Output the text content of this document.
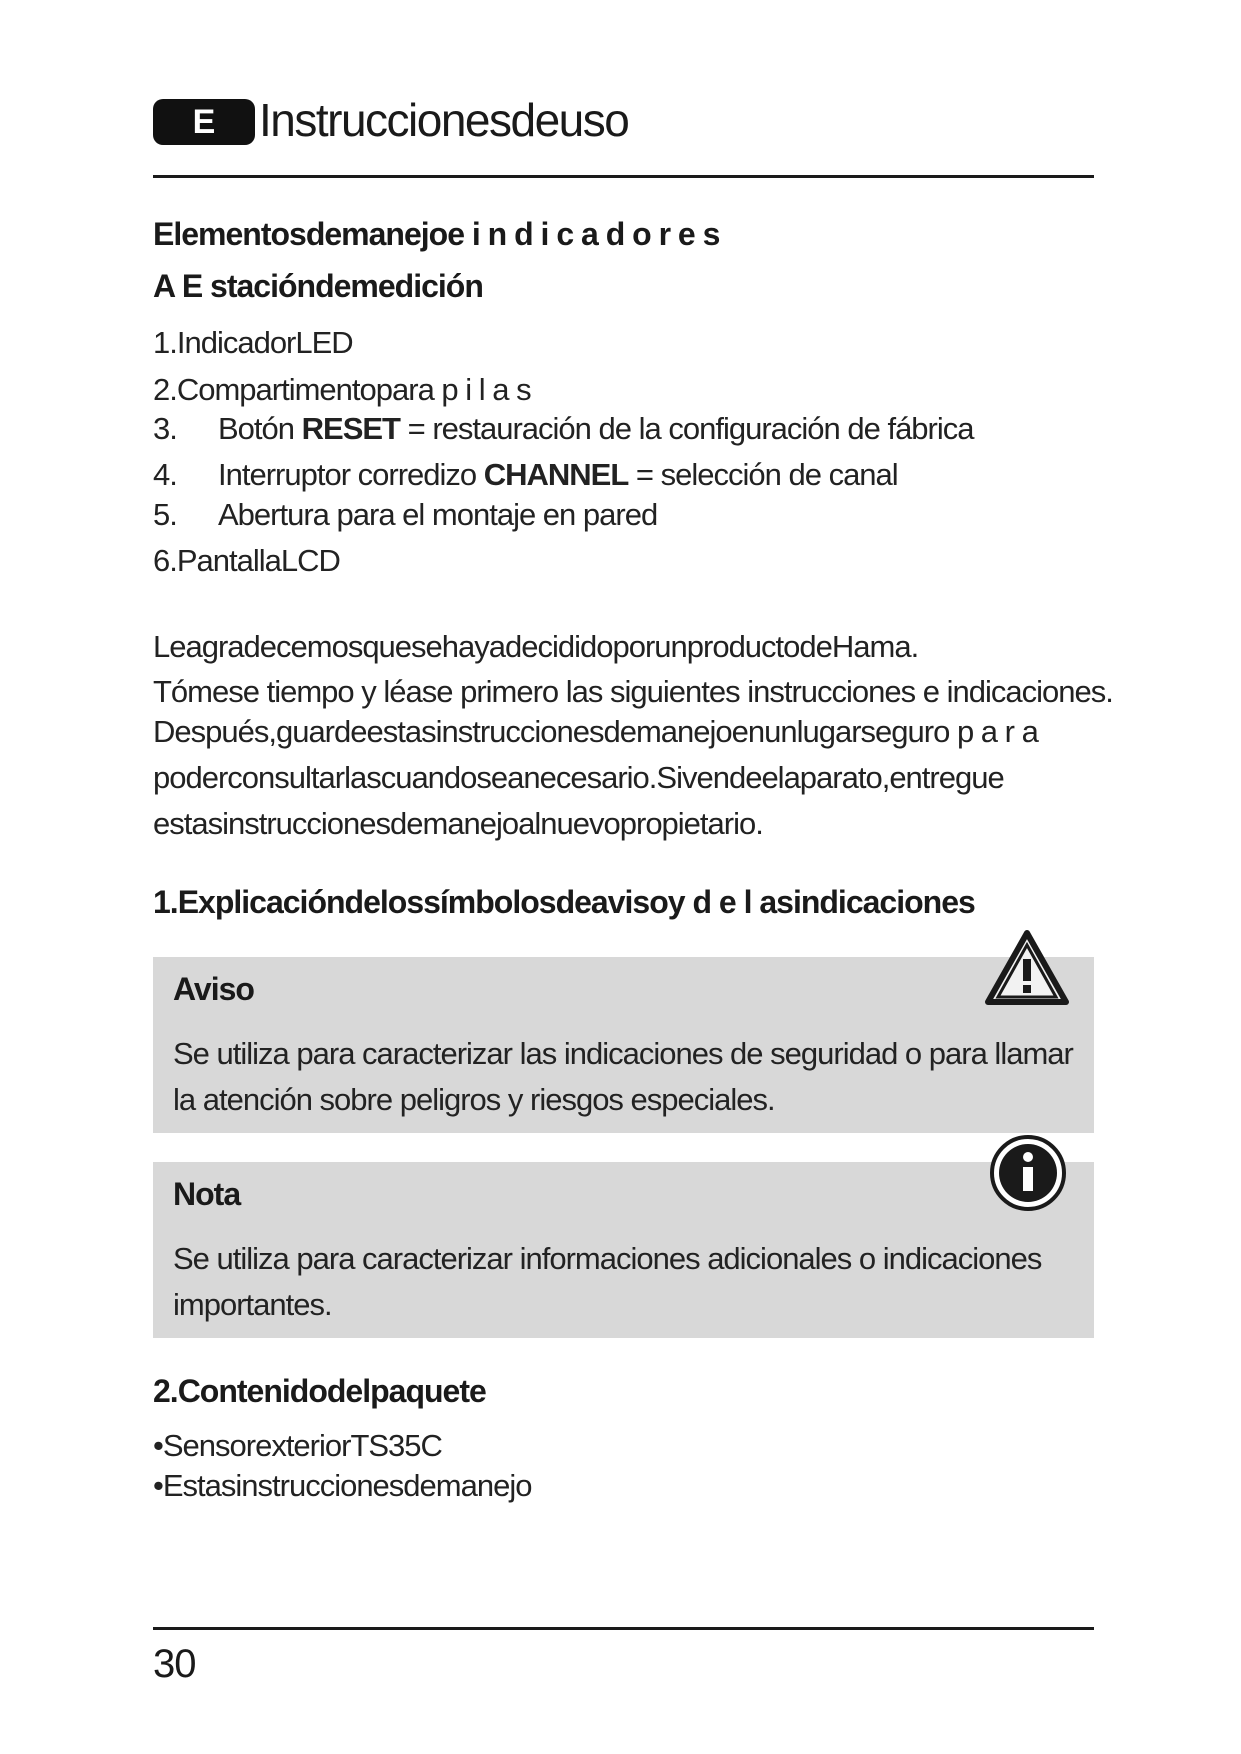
E Instruccionesdeuso
Elementosdemanejoe i n d i c a d o r e s
A E stacióndemedición
1.IndicadorLED
2.Compartimentopara p i l a s
3. Botón RESET = restauración de la configuración de fábrica
4. Interruptor corredizo CHANNEL = selección de canal
5. Abertura para el montaje en pared
6.PantallaLCD
LeagradecemosquesehayadecididoporunproductodeHama.
Tómese tiempo y léase primero las siguientes instrucciones e indicaciones.
Después,guardeestasinstruccionesdemanejoenunlugarseguro p a r a
poderconsultarlascuandoseanecesario.Sivendeelaparato,entregue
estasinstruccionesdemanejoalnuevopropietario.
1.Explicacióndelossímbolosdeavisoy d e l asindicaciones
Aviso
Se utiliza para caracterizar las indicaciones de seguridad o para llamar
la atención sobre peligros y riesgos especiales.
Nota
Se utiliza para caracterizar informaciones adicionales o indicaciones
importantes.
2.Contenidodelpaquete
•SensorexteriorTS35C
•Estasinstruccionesdemanejo
30
